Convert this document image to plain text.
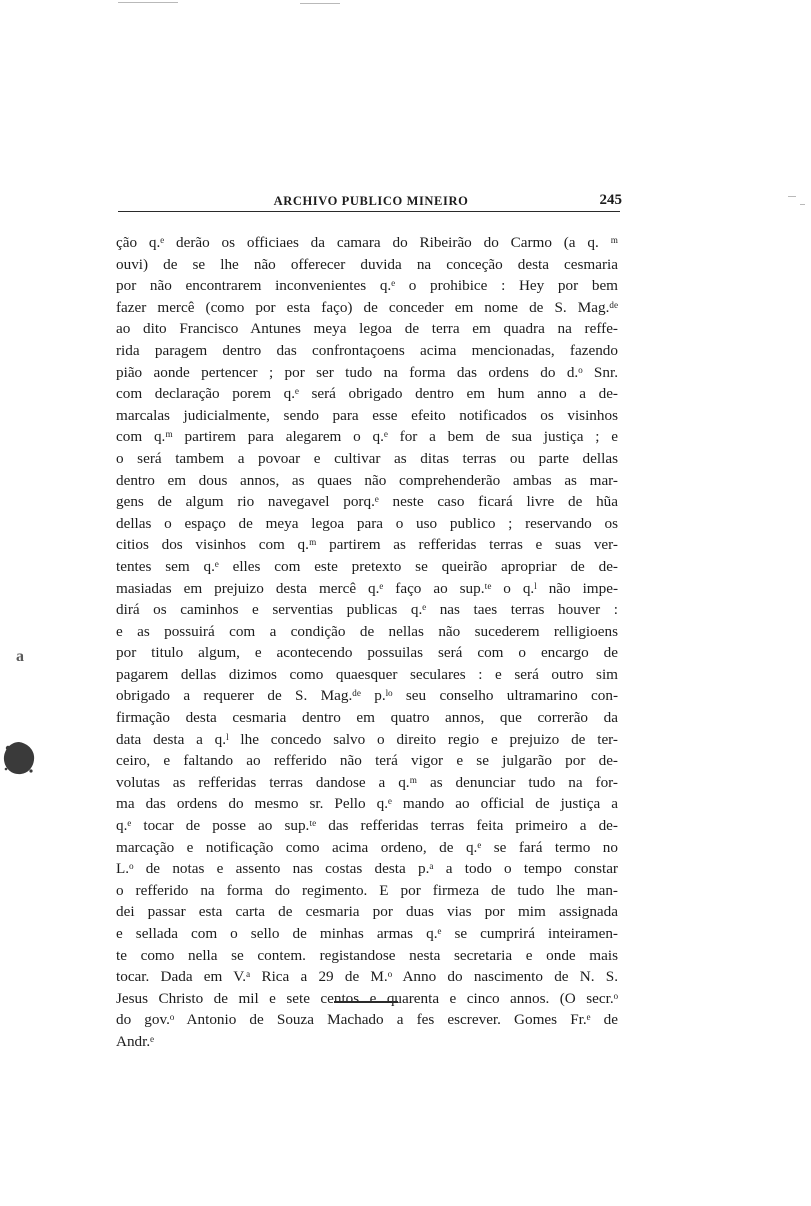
ARCHIVO PUBLICO MINEIRO	245
ção q.ᵉ derão os officiaes da camara do Ribeirão do Carmo (a q. ᵐ
ouvi) de se lhe não offerecer duvida na conceção desta cesmaria
por não encontrarem inconvenientes q.ᵉ o prohibice : Hey por bem
fazer mercê (como por esta faço) de conceder em nome de S. Mag.ᵈᵉ
ao dito Francisco Antunes meya legoa de terra em quadra na reffe-
rida paragem dentro das confrontaçoens acima mencionadas, fazendo
pião aonde pertencer ; por ser tudo na forma das ordens do d.ᵒ Snr.
com declaração porem q.ᵉ será obrigado dentro em hum anno a de-
marcalas judicialmente, sendo para esse efeito notificados os visinhos
com q.ᵐ partirem para alegarem o q.ᵉ for a bem de sua justiça ; e
o será tambem a povoar e cultivar as ditas terras ou parte dellas
dentro em dous annos, as quaes não comprehenderão ambas as mar-
gens de algum rio navegavel porq.ᵉ neste caso ficará livre de hũa
dellas o espaço de meya legoa para o uso publico ; reservando os
citios dos visinhos com q.ᵐ partirem as refferidas terras e suas ver-
tentes sem q.ᵉ elles com este pretexto se queirão apropriar de de-
masiadas em prejuizo desta mercê q.ᵉ faço ao sup.ᵗᵉ o q.ˡ não impe-
dirá os caminhos e serventias publicas q.ᵉ nas taes terras houver :
e as possuirá com a condição de nellas não sucederem relligioens
por titulo algum, e acontecendo possuilas será com o encargo de
pagarem dellas dizimos como quaesquer seculares : e será outro sim
obrigado a requerer de S. Mag.ᵈᵉ p.ˡᵒ seu conselho ultramarino con-
firmação desta cesmaria dentro em quatro annos, que correrão da
data desta a q.ˡ lhe concedo salvo o direito regio e prejuizo de ter-
ceiro, e faltando ao refferido não terá vigor e se julgarão por de-
volutas as refferidas terras dandose a q.ᵐ as denunciar tudo na for-
ma das ordens do mesmo sr. Pello q.ᵉ mando ao official de justiça a
q.ᵉ tocar de posse ao sup.ᵗᵉ das refferidas terras feita primeiro a de-
marcação e notificação como acima ordeno, de q.ᵉ se fará termo no
L.ᵒ de notas e assento nas costas desta p.ᵃ a todo o tempo constar
o refferido na forma do regimento. E por firmeza de tudo lhe man-
dei passar esta carta de cesmaria por duas vias por mim assignada
e sellada com o sello de minhas armas q.ᵉ se cumprirá inteiramen-
te como nella se contem. registandose nesta secretaria e onde mais
tocar. Dada em V.ᵃ Rica a 29 de M.ᵒ Anno do nascimento de N. S.
Jesus Christo de mil e sete centos e quarenta e cinco annos. (O secr.ᵒ
do gov.ᵒ Antonio de Souza Machado a fes escrever. Gomes Fr.ᵉ de
Andr.ᵉ
a
